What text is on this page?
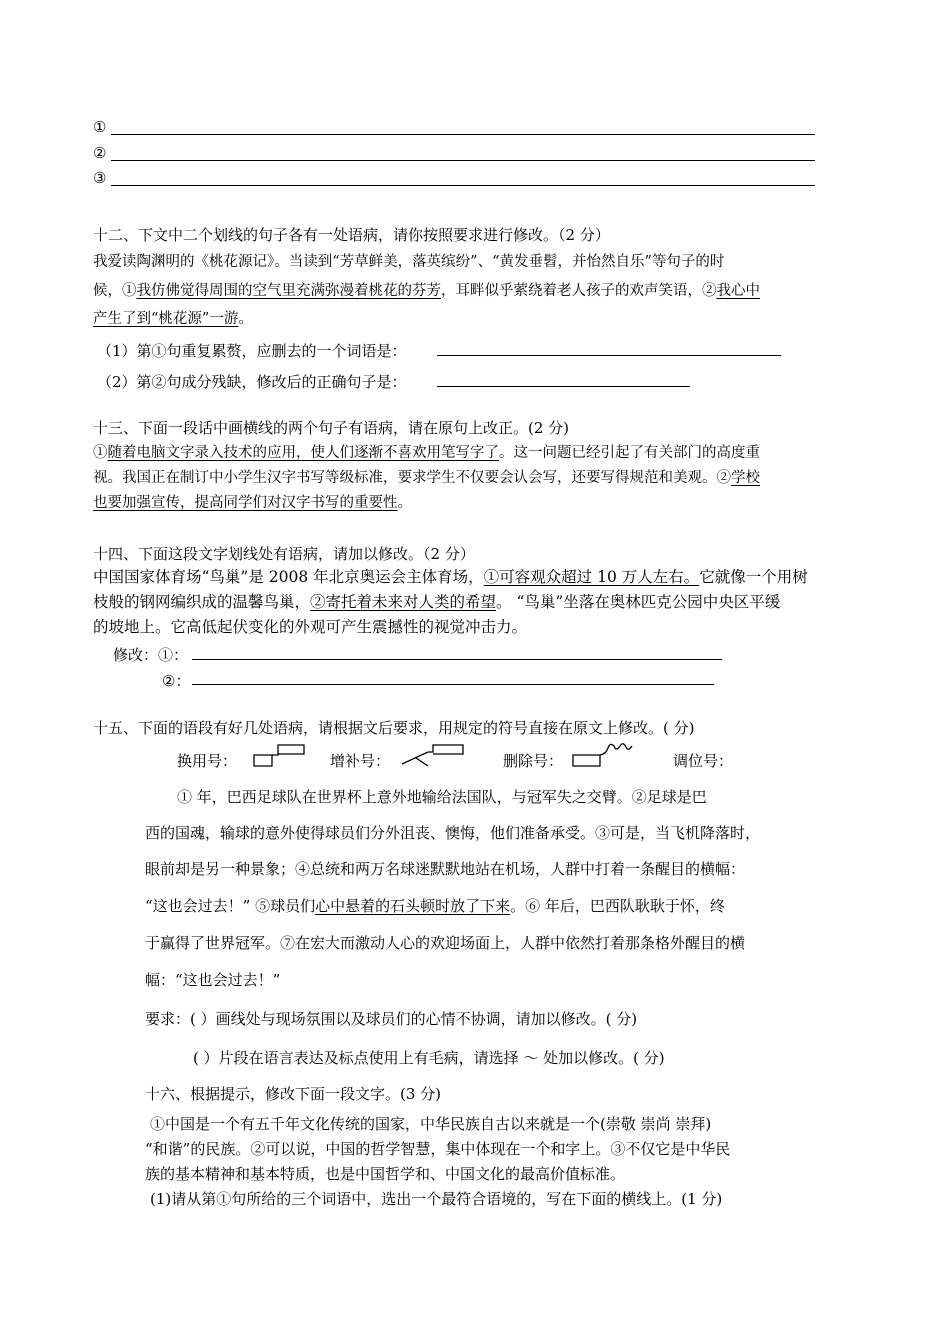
①
②
③
十二、下文中二个划线的句子各有一处语病，请你按照要求进行修改。（2 分）
我爱读陶渊明的《桃花源记》。当读到“芳草鲜美，落英缤纷”、“黄发垂髫，并怡然自乐”等句子的时
候，①我仿佛觉得周围的空气里充满弥漫着桃花的芬芳，耳畔似乎萦绕着老人孩子的欢声笑语，②我心中
产生了到“桃花源”一游。
（1）第①句重复累赘，应删去的一个词语是：
（2）第②句成分残缺，修改后的正确句子是：
十三、下面一段话中画横线的两个句子有语病，请在原句上改正。(2 分)
①随着电脑文字录入技术的应用，使人们逐渐不喜欢用笔写字了。这一问题已经引起了有关部门的高度重
视。我国正在制订中小学生汉字书写等级标准，要求学生不仅要会认会写，还要写得规范和美观。②学校
也要加强宣传，提高同学们对汉字书写的重要性。
十四、下面这段文字划线处有语病，请加以修改。（2 分）
中国国家体育场“鸟巢”是 2008 年北京奥运会主体育场，①可容观众超过 10 万人左右。它就像一个用树
枝般的钢网编织成的温馨鸟巢，②寄托着未来对人类的希望。 “鸟巢”坐落在奥林匹克公园中央区平缓
的坡地上。它高低起伏变化的外观可产生震撼性的视觉冲击力。
修改：①：
②：
十五、下面的语段有好几处语病，请根据文后要求，用规定的符号直接在原文上修改。( 分)
换用号：	增补号：	删除号：	调位号：
① 年，巴西足球队在世界杯上意外地输给法国队，与冠军失之交臂。②足球是巴
西的国魂，输球的意外使得球员们分外沮丧、懊悔，他们准备承受。③可是，当飞机降落时，
眼前却是另一种景象；④总统和两万名球迷默默地站在机场，人群中打着一条醒目的横幅：
“这也会过去！” ⑤球员们心中悬着的石头顿时放了下来。⑥ 年后，巴西队耿耿于怀，终
于赢得了世界冠军。⑦在宏大而激动人心的欢迎场面上，人群中依然打着那条格外醒目的横
幅：“这也会过去！”
要求：( ）画线处与现场氛围以及球员们的心情不协调，请加以修改。( 分)
( ）片段在语言表达及标点使用上有毛病，请选择 ～ 处加以修改。( 分)
十六、根据提示，修改下面一段文字。(3 分)
①中国是一个有五千年文化传统的国家，中华民族自古以来就是一个(崇敬 崇尚 崇拜)
“和谐”的民族。②可以说，中国的哲学智慧，集中体现在一个和字上。③不仅它是中华民
族的基本精神和基本特质，也是中国哲学和、中国文化的最高价值标准。
(1)请从第①句所给的三个词语中，选出一个最符合语境的，写在下面的横线上。(1 分)
